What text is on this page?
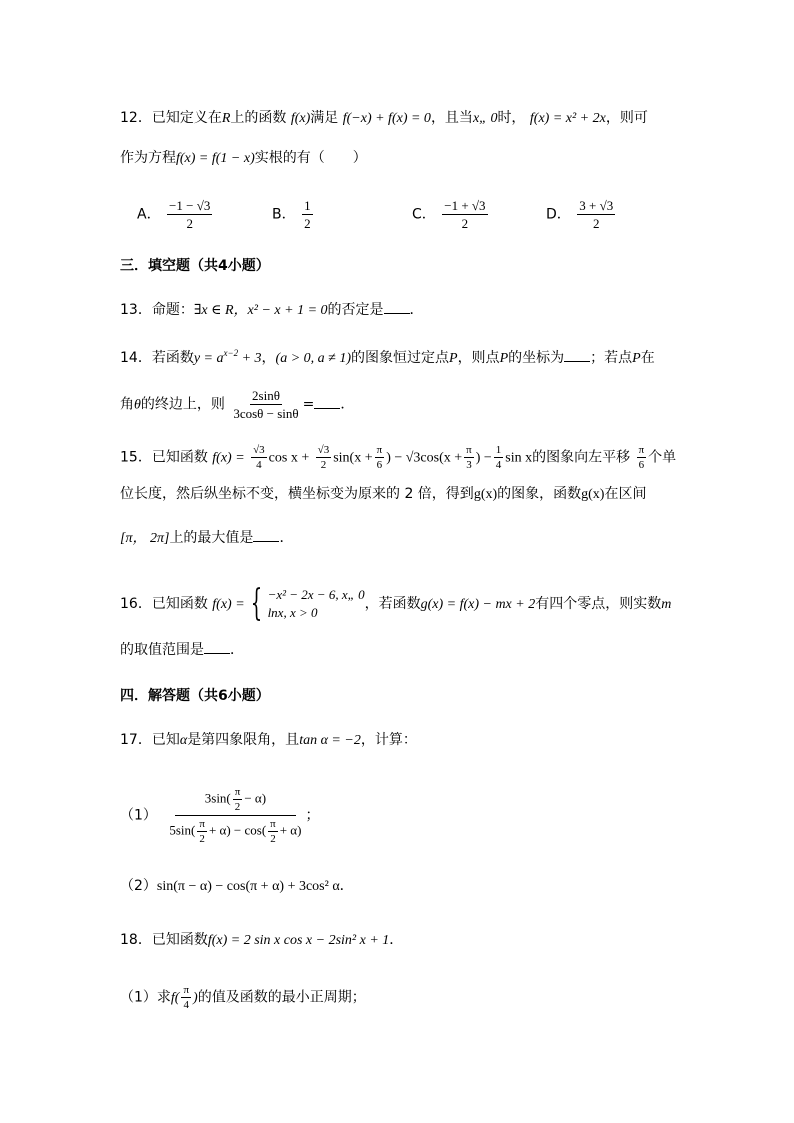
12．已知定义在R上的函数 f(x)满足 f(−x) + f(x) = 0，且当x„ 0时， f(x) = x² + 2x，则可
作为方程f(x) = f(1 − x)实根的有（　　）
A． $\frac{-1 - √3}{2}$	B． $\frac{1}{2}$	C． $\frac{-1 + √3}{2}$	D． $\frac{3 + √3}{2}$
三．填空题（共4小题）
13．命题：∃x ∈ R，x² − x + 1 = 0的否定是 ．
14．若函数$y = a^{x-2} + 3$，(a > 0, a ≠ 1)的图象恒过定点P，则点P的坐标为 ；若点P在
角θ的终边上，则 $\frac{2\sin\theta}{3\cos\theta - \sin\theta}$ = ．
15．已知函数 $f(x) = \frac{√3}{4}$ $\cos x + \frac{√3}{2} \sin(x + \frac{\pi}{6}$ ) − $√3\cos(x + \frac{\pi}{3}$ ) − $\frac{1}{4}$ sin x的图象向左平移 $\frac{\pi}{6}$ 个单
位长度，然后纵坐标不变，横坐标变为原来的 2 倍，得到g(x)的图象，函数g(x)在区间
[π， 2π]上的最大值是 ．
16．已知函数 f(x) = { −x² − 2x − 6, x„ 0
lnx, x > 0
，若函数g(x) = f(x) − mx + 2有四个零点，则实数m
的取值范围是 ．
四．解答题（共6小题）
17．已知α是第四象限角，且tan α = −2，计算：
$(1) \frac{3\sin( \frac{\pi}{2} - \alpha)}{5\sin( \frac{\pi}{2} + \alpha) - \cos( \frac{\pi}{2} + \alpha)}$ ；
（2）sin(π − α) − cos(π + α) + 3cos² α．
18．已知函数f(x) = 2 sin x cos x − 2sin² x + 1．
（1）求$f( \frac{\pi}{4}$ )的值及函数的最小正周期；
